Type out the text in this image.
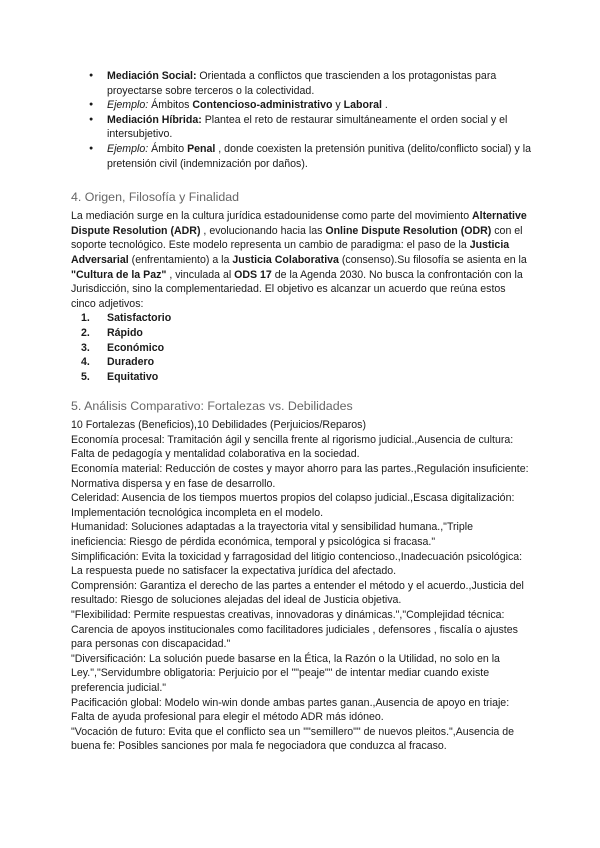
● Mediación Social: Orientada a conflictos que trascienden a los protagonistas para proyectarse sobre terceros o la colectividad.
● Ejemplo: Ámbitos Contencioso-administrativo y Laboral .
● Mediación Híbrida: Plantea el reto de restaurar simultáneamente el orden social y el intersubjetivo.
● Ejemplo: Ámbito Penal , donde coexisten la pretensión punitiva (delito/conflicto social) y la pretensión civil (indemnización por daños).
4. Origen, Filosofía y Finalidad

La mediación surge en la cultura jurídica estadounidense como parte del movimiento Alternative Dispute Resolution (ADR) , evolucionando hacia las Online Dispute Resolution (ODR) con el soporte tecnológico. Este modelo representa un cambio de paradigma: el paso de la Justicia Adversarial (enfrentamiento) a la Justicia Colaborativa (consenso).Su filosofía se asienta en la "Cultura de la Paz" , vinculada al ODS 17 de la Agenda 2030. No busca la confrontación con la Jurisdicción, sino la complementariedad. El objetivo es alcanzar un acuerdo que reúna estos cinco adjetivos:

1. Satisfactorio
2. Rápido
3. Económico
4. Duradero
5. Equitativo
5. Análisis Comparativo: Fortalezas vs. Debilidades

10 Fortalezas (Beneficios),10 Debilidades (Perjuicios/Reparos)

Economía procesal: Tramitación ágil y sencilla frente al rigorismo judicial.,Ausencia de cultura: Falta de pedagogía y mentalidad colaborativa en la sociedad.

Economía material: Reducción de costes y mayor ahorro para las partes.,Regulación insuficiente: Normativa dispersa y en fase de desarrollo.

Celeridad: Ausencia de los tiempos muertos propios del colapso judicial.,Escasa digitalización: Implementación tecnológica incompleta en el modelo.

Humanidad: Soluciones adaptadas a la trayectoria vital y sensibilidad humana.,"Triple ineficiencia: Riesgo de pérdida económica, temporal y psicológica si fracasa."

Simplificación: Evita la toxicidad y farragosidad del litigio contencioso.,Inadecuación psicológica: La respuesta puede no satisfacer la expectativa jurídica del afectado.

Comprensión: Garantiza el derecho de las partes a entender el método y el acuerdo.,Justicia del resultado: Riesgo de soluciones alejadas del ideal de Justicia objetiva.

"Flexibilidad: Permite respuestas creativas, innovadoras y dinámicas.","Complejidad técnica: Carencia de apoyos institucionales como facilitadores judiciales , defensores , fiscalía o ajustes para personas con discapacidad."

"Diversificación: La solución puede basarse en la Ética, la Razón o la Utilidad, no solo en la Ley.","Servidumbre obligatoria: Perjuicio por el ""peaje"" de intentar mediar cuando existe preferencia judicial."

Pacificación global: Modelo win-win donde ambas partes ganan.,Ausencia de apoyo en triaje: Falta de ayuda profesional para elegir el método ADR más idóneo.

"Vocación de futuro: Evita que el conflicto sea un ""semillero"" de nuevos pleitos.",Ausencia de buena fe: Posibles sanciones por mala fe negociadora que conduzca al fracaso.
